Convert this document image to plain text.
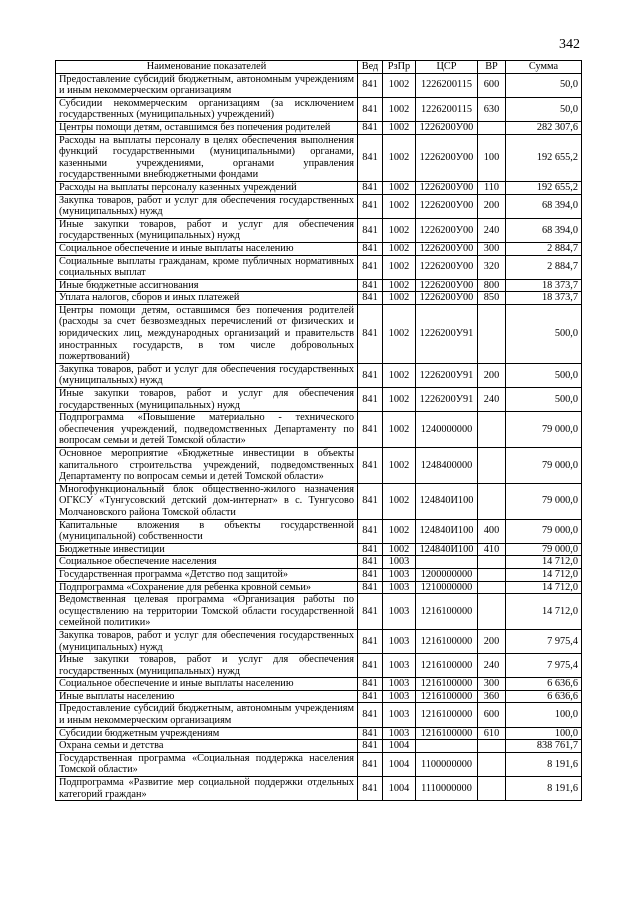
342
Наименование показателей	Вед	РзПр	ЦСР	ВР	Сумма
Предоставление субсидий бюджетным, автономным учреждениям и иным некоммерческим организациям	841	1002	1226200115	600	50,0
Субсидии некоммерческим организациям (за исключением государственных (муниципальных) учреждений)	841	1002	1226200115	630	50,0
Центры помощи детям, оставшимся без попечения родителей	841	1002	1226200У00		282 307,6
Расходы на выплаты персоналу в целях обеспечения выполнения функций государственными (муниципальными) органами, казенными учреждениями, органами управления государственными внебюджетными фондами	841	1002	1226200У00	100	192 655,2
Расходы на выплаты персоналу казенных учреждений	841	1002	1226200У00	110	192 655,2
Закупка товаров, работ и услуг для обеспечения государственных (муниципальных) нужд	841	1002	1226200У00	200	68 394,0
Иные закупки товаров, работ и услуг для обеспечения государственных (муниципальных) нужд	841	1002	1226200У00	240	68 394,0
Социальное обеспечение и иные выплаты населению	841	1002	1226200У00	300	2 884,7
Социальные выплаты гражданам, кроме публичных нормативных социальных выплат	841	1002	1226200У00	320	2 884,7
Иные бюджетные ассигнования	841	1002	1226200У00	800	18 373,7
Уплата налогов, сборов и иных платежей	841	1002	1226200У00	850	18 373,7
Центры помощи детям, оставшимся без попечения родителей (расходы за счет безвозмездных перечислений от физических и юридических лиц, международных организаций и правительств иностранных государств, в том числе добровольных пожертвований)	841	1002	1226200У91		500,0
Закупка товаров, работ и услуг для обеспечения государственных (муниципальных) нужд	841	1002	1226200У91	200	500,0
Иные закупки товаров, работ и услуг для обеспечения государственных (муниципальных) нужд	841	1002	1226200У91	240	500,0
Подпрограмма «Повышение материально - технического обеспечения учреждений, подведомственных Департаменту по вопросам семьи и детей Томской области»	841	1002	1240000000		79 000,0
Основное мероприятие «Бюджетные инвестиции в объекты капитального строительства учреждений, подведомственных Департаменту по вопросам семьи и детей Томской области»	841	1002	1248400000		79 000,0
Многофункциональный блок общественно-жилого назначения ОГКСУ «Тунгусовский детский дом-интернат» в с. Тунгусово Молчановского района Томской области	841	1002	124840И100		79 000,0
Капитальные вложения в объекты государственной (муниципальной) собственности	841	1002	124840И100	400	79 000,0
Бюджетные инвестиции	841	1002	124840И100	410	79 000,0
Социальное обеспечение населения	841	1003			14 712,0
Государственная программа «Детство под защитой»	841	1003	1200000000		14 712,0
Подпрограмма «Сохранение для ребенка кровной семьи»	841	1003	1210000000		14 712,0
Ведомственная целевая программа «Организация работы по осуществлению на территории Томской области государственной семейной политики»	841	1003	1216100000		14 712,0
Закупка товаров, работ и услуг для обеспечения государственных (муниципальных) нужд	841	1003	1216100000	200	7 975,4
Иные закупки товаров, работ и услуг для обеспечения государственных (муниципальных) нужд	841	1003	1216100000	240	7 975,4
Социальное обеспечение и иные выплаты населению	841	1003	1216100000	300	6 636,6
Иные выплаты населению	841	1003	1216100000	360	6 636,6
Предоставление субсидий бюджетным, автономным учреждениям и иным некоммерческим организациям	841	1003	1216100000	600	100,0
Субсидии бюджетным учреждениям	841	1003	1216100000	610	100,0
Охрана семьи и детства	841	1004			838 761,7
Государственная программа «Социальная поддержка населения Томской области»	841	1004	1100000000		8 191,6
Подпрограмма «Развитие мер социальной поддержки отдельных категорий граждан»	841	1004	1110000000		8 191,6
